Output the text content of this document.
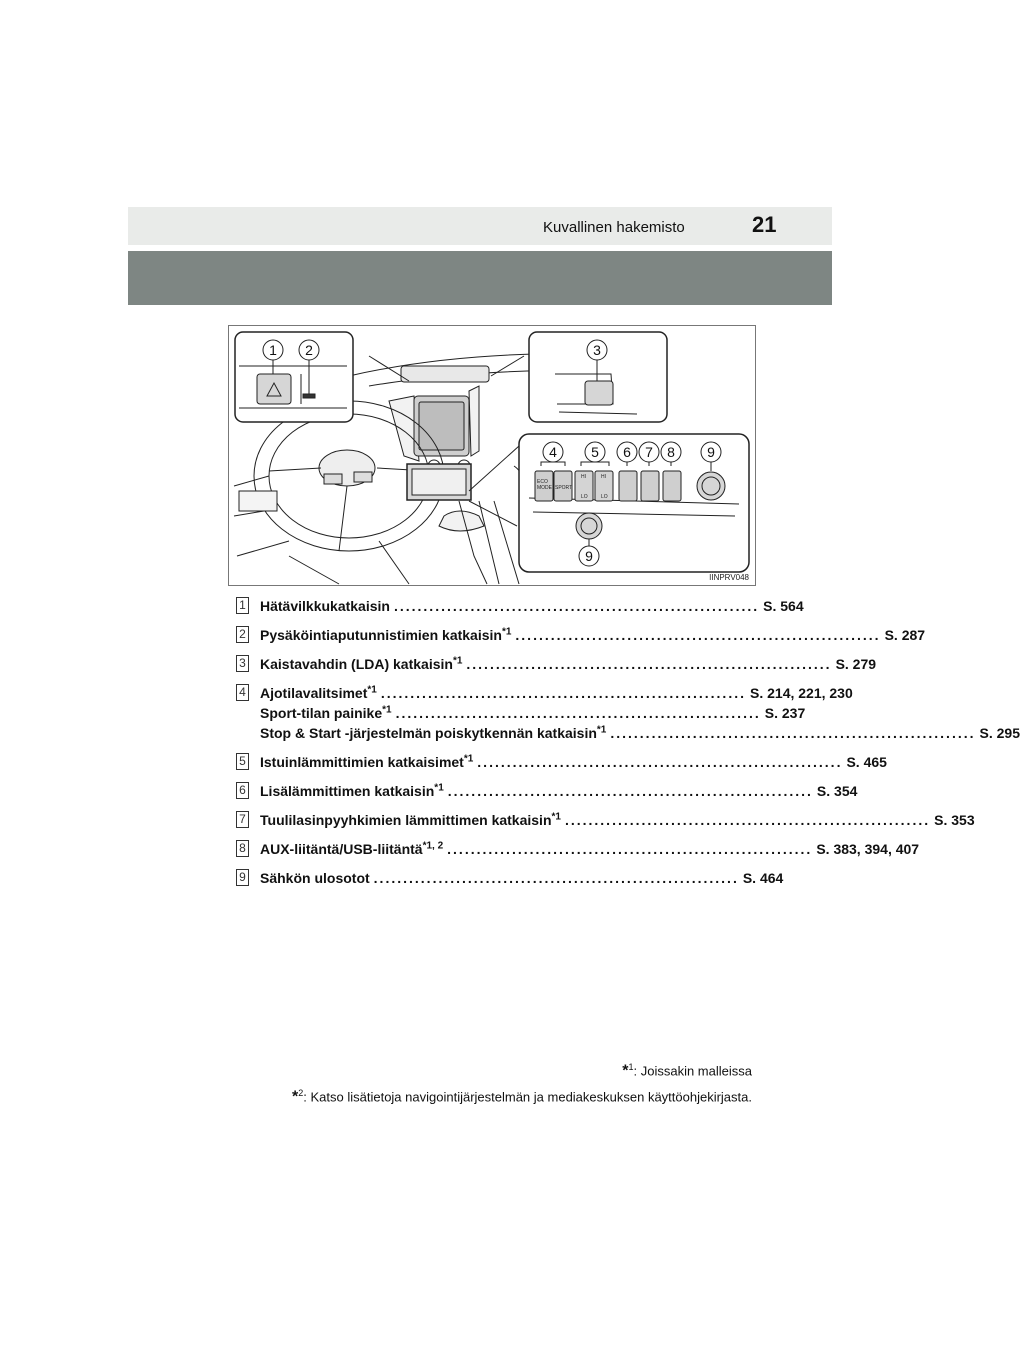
Kuvallinen hakemisto	21
ECO
MODE SPORT
HI
LO
HI
LO
1 2	3
4 5 6 7 8 9
9
IINPRV048
1 Hätävilkkukatkaisin .............................................................. S. 564
2 Pysäköintiaputunnistimien katkaisin$^{*1}$ .............................................................. S. 287
3 Kaistavahdin (LDA) katkaisin$^{*1}$ .............................................................. S. 279
4 Ajotilavalitsimet$^{*1}$ .............................................................. S. 214, 221, 230
Sport-tilan painike$^{*1}$ .............................................................. S. 237
Stop & Start -järjestelmän poiskytkennän katkaisin$^{*1}$ .............................................................. S. 295
5 Istuinlämmittimien katkaisimet$^{*1}$ .............................................................. S. 465
6 Lisälämmittimen katkaisin$^{*1}$ .............................................................. S. 354
7 Tuulilasinpyyhkimien lämmittimen katkaisin$^{*1}$ .............................................................. S. 353
8 AUX-liitäntä/USB-liitäntä$^{*1, 2}$ .............................................................. S. 383, 394, 407
9 Sähkön ulosotot .............................................................. S. 464
*$^1$: Joissakin malleissa
*$^2$: Katso lisätietoja navigointijärjestelmän ja mediakeskuksen käyttöohjekirjasta.
